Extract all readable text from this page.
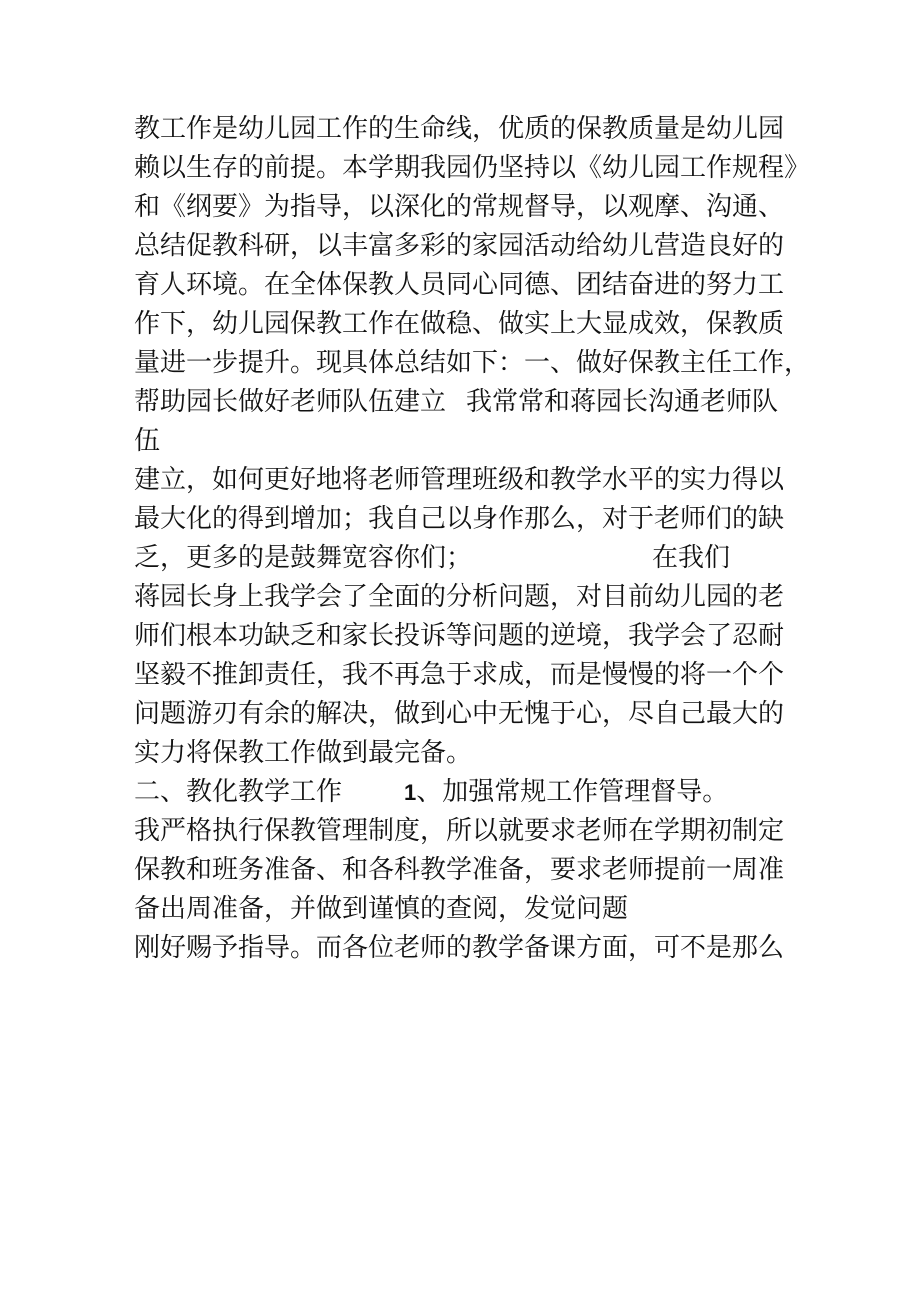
教工作是幼儿园工作的生命线，优质的保教质量是幼儿园
赖以生存的前提。本学期我园仍坚持以《幼儿园工作规程》
和《纲要》为指导，以深化的常规督导，以观摩、沟通、
总结促教科研，以丰富多彩的家园活动给幼儿营造良好的
育人环境。在全体保教人员同心同德、团结奋进的努力工
作下，幼儿园保教工作在做稳、做实上大显成效，保教质
量进一步提升。现具体总结如下：一、做好保教主任工作，
帮助园长做好老师队伍建立 我常常和蒋园长沟通老师队
伍
建立，如何更好地将老师管理班级和教学水平的实力得以
最大化的得到增加；我自己以身作那么，对于老师们的缺
乏，更多的是鼓舞宽容你们；	在我们
蒋园长身上我学会了全面的分析问题，对目前幼儿园的老
师们根本功缺乏和家长投诉等问题的逆境，我学会了忍耐
坚毅不推卸责任，我不再急于求成，而是慢慢的将一个个
问题游刃有余的解决，做到心中无愧于心，尽自己最大的
实力将保教工作做到最完备。
二、教化教学工作	1、加强常规工作管理督导。
我严格执行保教管理制度，所以就要求老师在学期初制定
保教和班务准备、和各科教学准备，要求老师提前一周准
备出周准备，并做到谨慎的查阅，发觉问题
刚好赐予指导。而各位老师的教学备课方面，可不是那么
